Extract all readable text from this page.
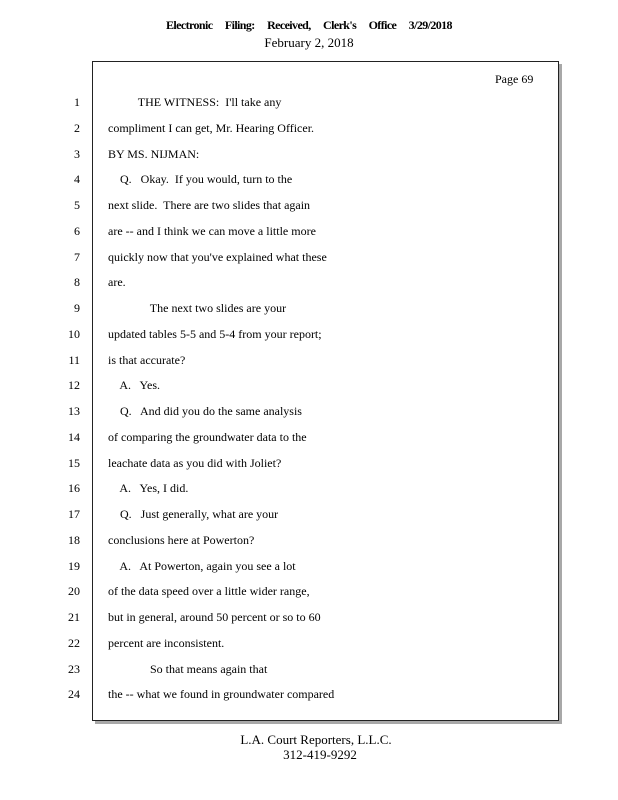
Electronic Filing: Received, Clerk's Office 3/29/2018
February 2, 2018
Page 69
1 THE WITNESS:  I'll take any
2 compliment I can get, Mr. Hearing Officer.
3 BY MS. NIJMAN:
4 Q.   Okay.  If you would, turn to the
5 next slide.  There are two slides that again
6 are -- and I think we can move a little more
7 quickly now that you've explained what these
8 are.
9 The next two slides are your
10 updated tables 5-5 and 5-4 from your report;
11 is that accurate?
12 A.   Yes.
13 Q.   And did you do the same analysis
14 of comparing the groundwater data to the
15 leachate data as you did with Joliet?
16 A.   Yes, I did.
17 Q.   Just generally, what are your
18 conclusions here at Powerton?
19 A.   At Powerton, again you see a lot
20 of the data speed over a little wider range,
21 but in general, around 50 percent or so to 60
22 percent are inconsistent.
23 So that means again that
24 the -- what we found in groundwater compared
L.A. Court Reporters, L.L.C.
312-419-9292
